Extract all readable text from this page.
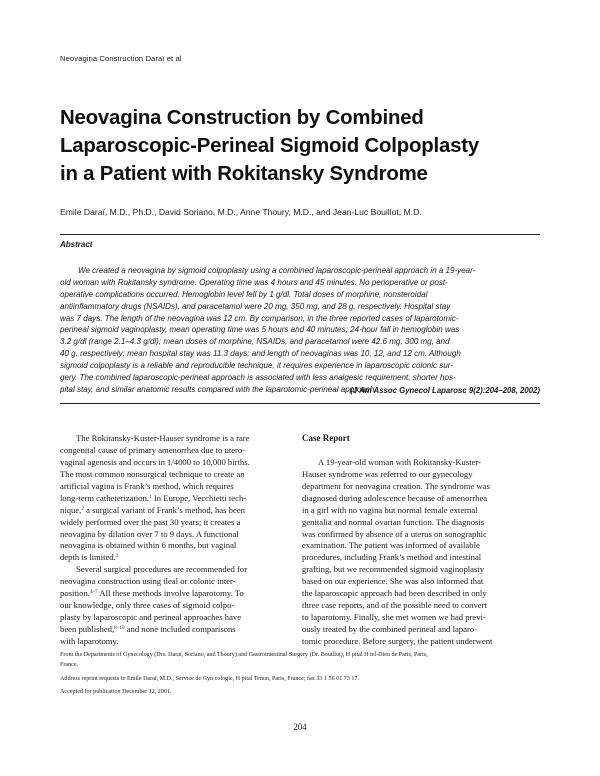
Neovagina Construction Daraï et al
Neovagina Construction by Combined
Laparoscopic-Perineal Sigmoid Colpoplasty
in a Patient with Rokitansky Syndrome
Emile Daraï, M.D., Ph.D., David Soriano, M.D., Anne Thoury, M.D., and Jean-Luc Bouillot, M.D.
Abstract
We created a neovagina by sigmoid colpoplasty using a combined laparoscopic-perineal approach in a 19-year-
old woman with Rokitansky syndrome. Operating time was 4 hours and 45 minutes. No perioperative or post-
operative complications occurred. Hemoglobin level fell by 1 g/dl. Total doses of morphine, nonsteroidal
antiinflammatory drugs (NSAIDs), and paracetamol were 20 mg, 350 mg, and 28 g, respectively. Hospital stay
was 7 days. The length of the neovagina was 12 cm. By comparison, in the three reported cases of laparotomic-
perineal sigmoid vaginoplasty, mean operating time was 5 hours and 40 minutes; 24-hour fall in hemoglobin was
3.2 g/dl (range 2.1–4.3 g/dl); mean doses of morphine, NSAIDs, and paracetamol were 42.6 mg, 300 mg, and
40 g, respectively; mean hospital stay was 11.3 days; and length of neovaginas was 10, 12, and 12 cm. Although
sigmoid colpoplasty is a reliable and reproducible technique, it requires experience in laparoscopic colonic sur-
gery. The combined laparoscopic-perineal approach is associated with less analgesic requirement, shorter hos-
pital stay, and similar anatomic results compared with the laparotomic-perineal approach.
(J Am Assoc Gynecol Laparosc 9(2):204–208, 2002)
The Rokitansky-Kuster-Hauser syndrome is a rare
congenital cause of primary amenorrhea due to utero-
vaginal agenesis and occurs in 1/4000 to 10,000 births.
The most common nonsurgical technique to create an
artificial vagina is Frank’s method, which requires
long-term catheterization.$^1$ In Europe, Vecchietti tech-
nique,$^2$ a surgical variant of Frank’s method, has been
widely performed over the past 30 years; it creates a
neovagina by dilation over 7 to 9 days. A functional
neovagina is obtained within 6 months, but vaginal
depth is limited.$^3$
Several surgical procedures are recommended for
neovagina construction using ileal or colonic inter-
position.$^{4-7}$ All these methods involve laparotomy. To
our knowledge, only three cases of sigmoid colpo-
plasty by laparoscopic and perineal approaches have
been published,$^{8-10}$ and none included comparisons
with laparotomy.
Case Report
A 19-year-old woman with Rokitansky-Kuster-
Hauser syndrome was referred to our gynecology
department for neovagina creation. The syndrome was
diagnosed during adolescence because of amenorrhea
in a girl with no vagina but normal female external
genitalia and normal ovarian function. The diagnosis
was confirmed by absence of a uterus on sonographic
examination. The patient was informed of available
procedures, including Frank’s method and intestinal
grafting, but we recommended sigmoid vaginoplasty
based on our experience. She was also informed that
the laparoscopic approach had been described in only
three case reports, and of the possible need to convert
to laparotomy. Finally, she met women we had previ-
ously treated by the combined perineal and laparo-
tomic procedure. Before surgery, the patient underwent

From the Departments of Gynecology (Drs. Daraï, Soriano, and Thoury) and Gastrointestinal Surgery (Dr. Bouillot), H pital H tel-Dieu de Paris, Paris,
France.

Address reprint requests to Emile Daraï, M.D., Service de Gyn cologie, H pital Tenon, Paris, France; fax 33 1 56 01 73 17.

Accepted for publication December 12, 2001.

204
